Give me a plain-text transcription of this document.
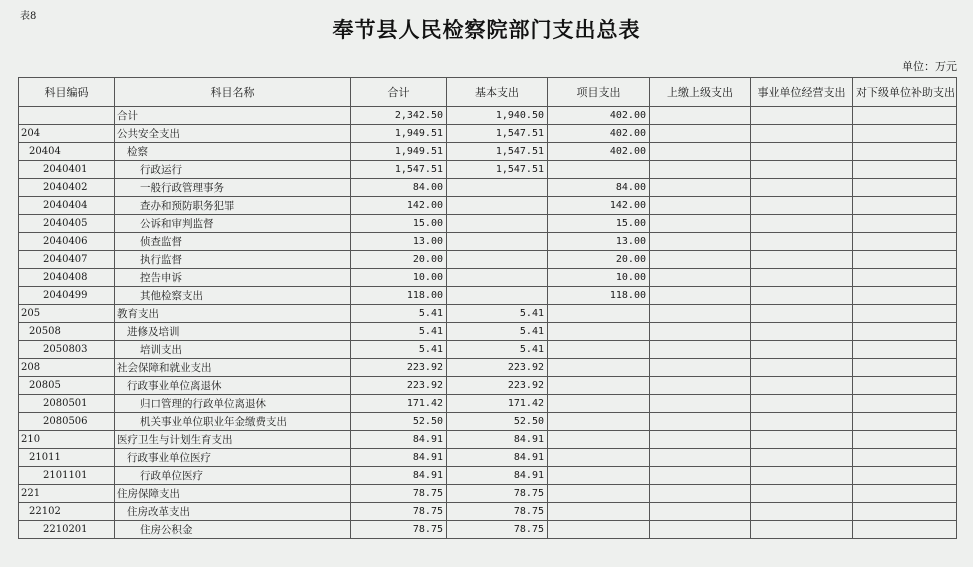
表8
奉节县人民检察院部门支出总表
单位：万元
科目编码	科目名称	合计	基本支出	项目支出	上缴上级支出	事业单位经营支出	对下级单位补助支出
	合计	2,342.50	1,940.50	402.00			
204	公共安全支出	1,949.51	1,547.51	402.00			
20404	检察	1,949.51	1,547.51	402.00			
2040401	行政运行	1,547.51	1,547.51				
2040402	一般行政管理事务	84.00		84.00			
2040404	查办和预防职务犯罪	142.00		142.00			
2040405	公诉和审判监督	15.00		15.00			
2040406	侦查监督	13.00		13.00			
2040407	执行监督	20.00		20.00			
2040408	控告申诉	10.00		10.00			
2040499	其他检察支出	118.00		118.00			
205	教育支出	5.41	5.41				
20508	进修及培训	5.41	5.41				
2050803	培训支出	5.41	5.41				
208	社会保障和就业支出	223.92	223.92				
20805	行政事业单位离退休	223.92	223.92				
2080501	归口管理的行政单位离退休	171.42	171.42				
2080506	机关事业单位职业年金缴费支出	52.50	52.50				
210	医疗卫生与计划生育支出	84.91	84.91				
21011	行政事业单位医疗	84.91	84.91				
2101101	行政单位医疗	84.91	84.91				
221	住房保障支出	78.75	78.75				
22102	住房改革支出	78.75	78.75				
2210201	住房公积金	78.75	78.75				
